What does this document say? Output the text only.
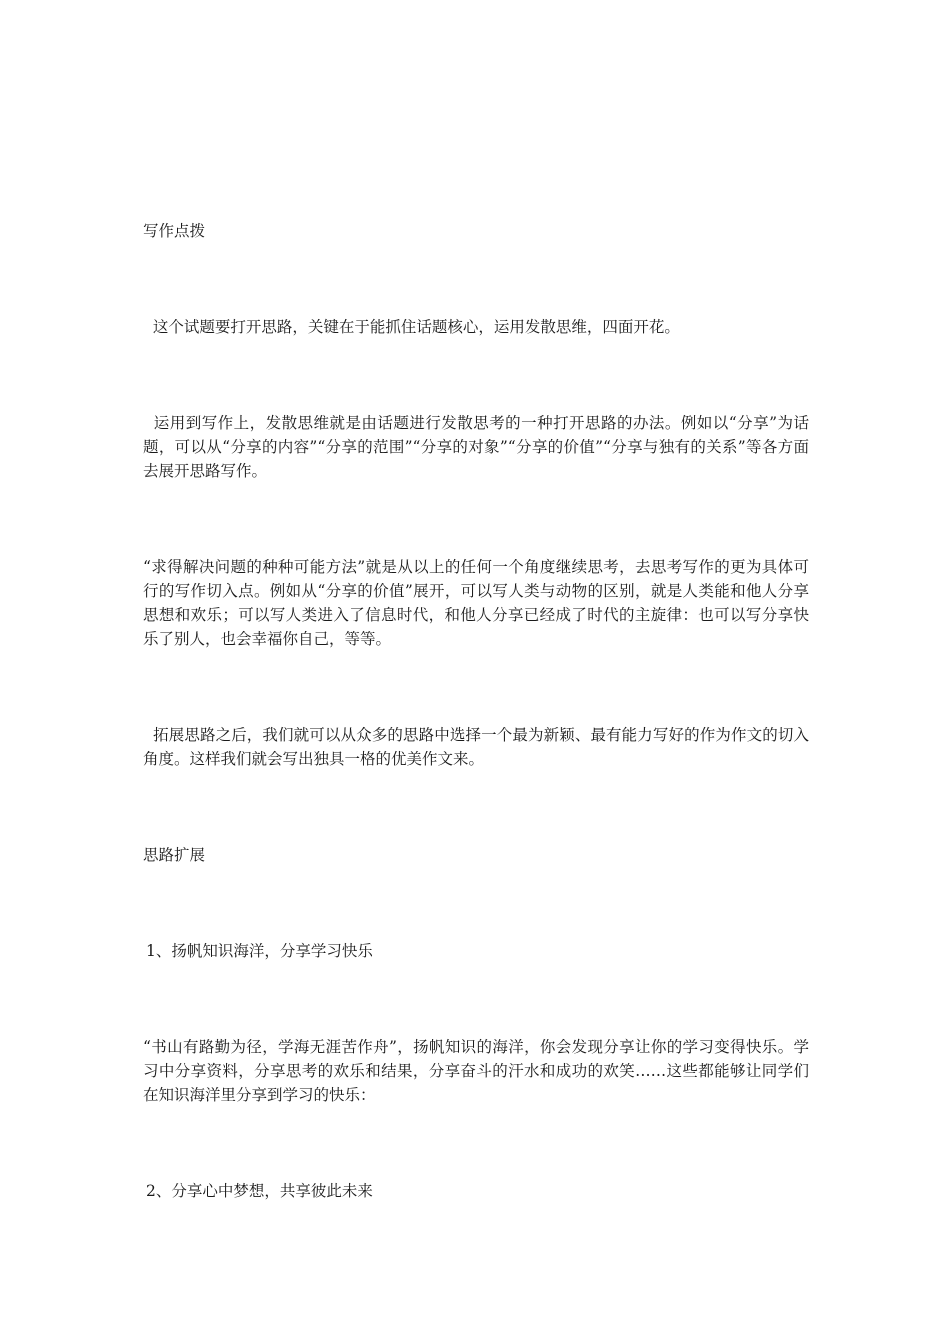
写作点拨

这个试题要打开思路，关键在于能抓住话题核心，运用发散思维，四面开花。

运用到写作上，发散思维就是由话题进行发散思考的一种打开思路的办法。例如以“分享”为话题，可以从“分享的内容”“分享的范围”“分享的对象”“分享的价值”“分享与独有的关系”等各方面去展开思路写作。

“求得解决问题的种种可能方法”就是从以上的任何一个角度继续思考，去思考写作的更为具体可行的写作切入点。例如从“分享的价值”展开，可以写人类与动物的区别，就是人类能和他人分享思想和欢乐；可以写人类进入了信息时代，和他人分享已经成了时代的主旋律：也可以写分享快乐了别人，也会幸福你自己，等等。

拓展思路之后，我们就可以从众多的思路中选择一个最为新颖、最有能力写好的作为作文的切入角度。这样我们就会写出独具一格的优美作文来。

思路扩展

1、扬帆知识海洋，分享学习快乐

“书山有路勤为径，学海无涯苦作舟”，扬帆知识的海洋，你会发现分享让你的学习变得快乐。学习中分享资料，分享思考的欢乐和结果，分享奋斗的汗水和成功的欢笑……这些都能够让同学们在知识海洋里分享到学习的快乐：

2、分享心中梦想，共享彼此未来
